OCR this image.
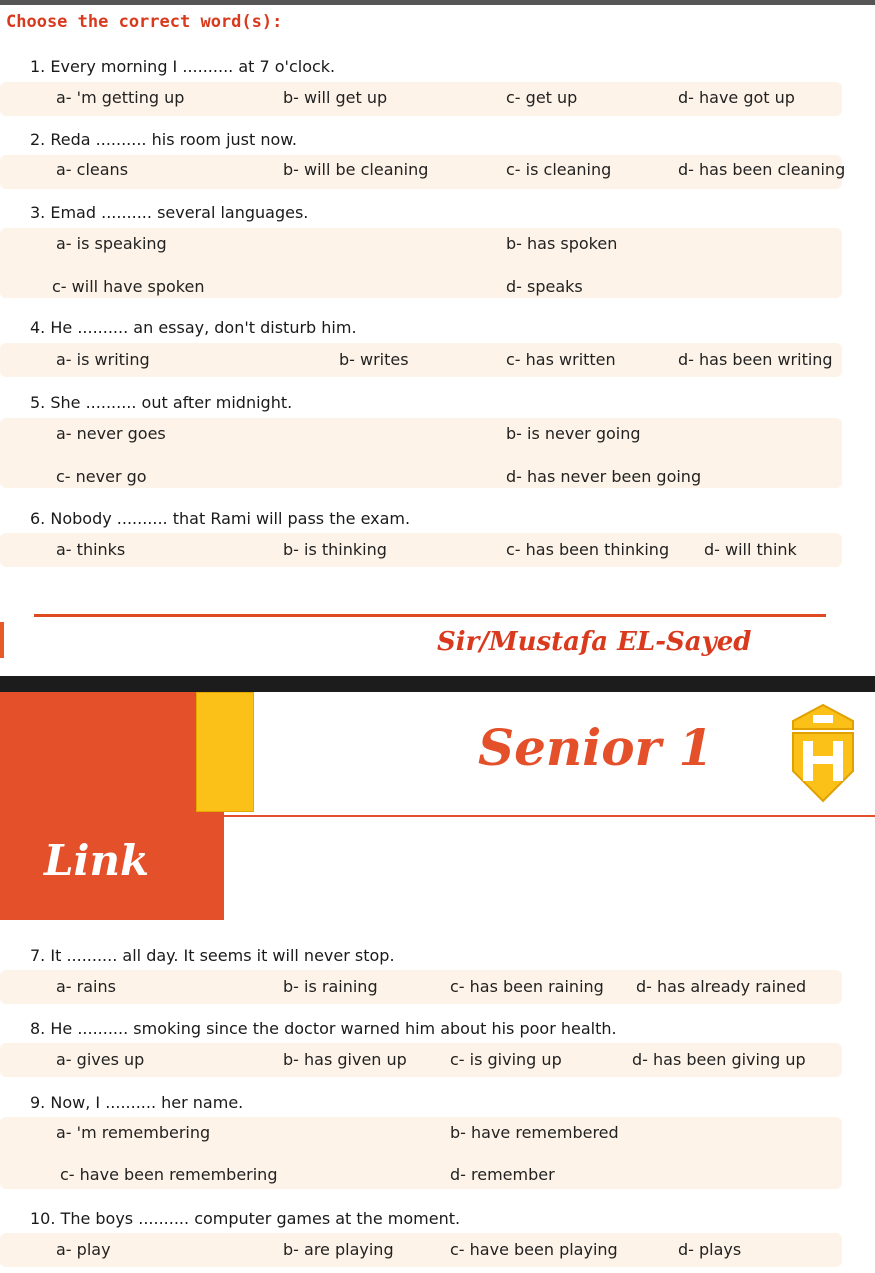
Choose the correct word(s):
1. Every morning I .......... at 7 o'clock.
a- 'm getting up	b- will get up	c- get up	d- have got up
2. Reda .......... his room just now.
a- cleans	b- will be cleaning	c- is cleaning	d- has been cleaning
3. Emad .......... several languages.
a- is speaking	b- has spoken
c- will have spoken	d- speaks
4. He .......... an essay, don't disturb him.
a- is writing	b- writes	c- has written	d- has been writing
5. She .......... out after midnight.
a- never goes	b- is never going
c- never go	d- has never been going
6. Nobody .......... that Rami will pass the exam.
a- thinks	b- is thinking	c- has been thinking d- will think
7. It .......... all day. It seems it will never stop.
a- rains	b- is raining	c- has been raining d- has already rained
8. He .......... smoking since the doctor warned him about his poor health.
a- gives up	b- has given up	c- is giving up	d- has been giving up
9. Now, I .......... her name.
a- 'm remembering	b- have remembered
c- have been remembering	d- remember
10. The boys .......... computer games at the moment.
a- play	b- are playing	c- have been playing	d- plays
Sir/Mustafa EL-Sayed
Senior 1
Link
